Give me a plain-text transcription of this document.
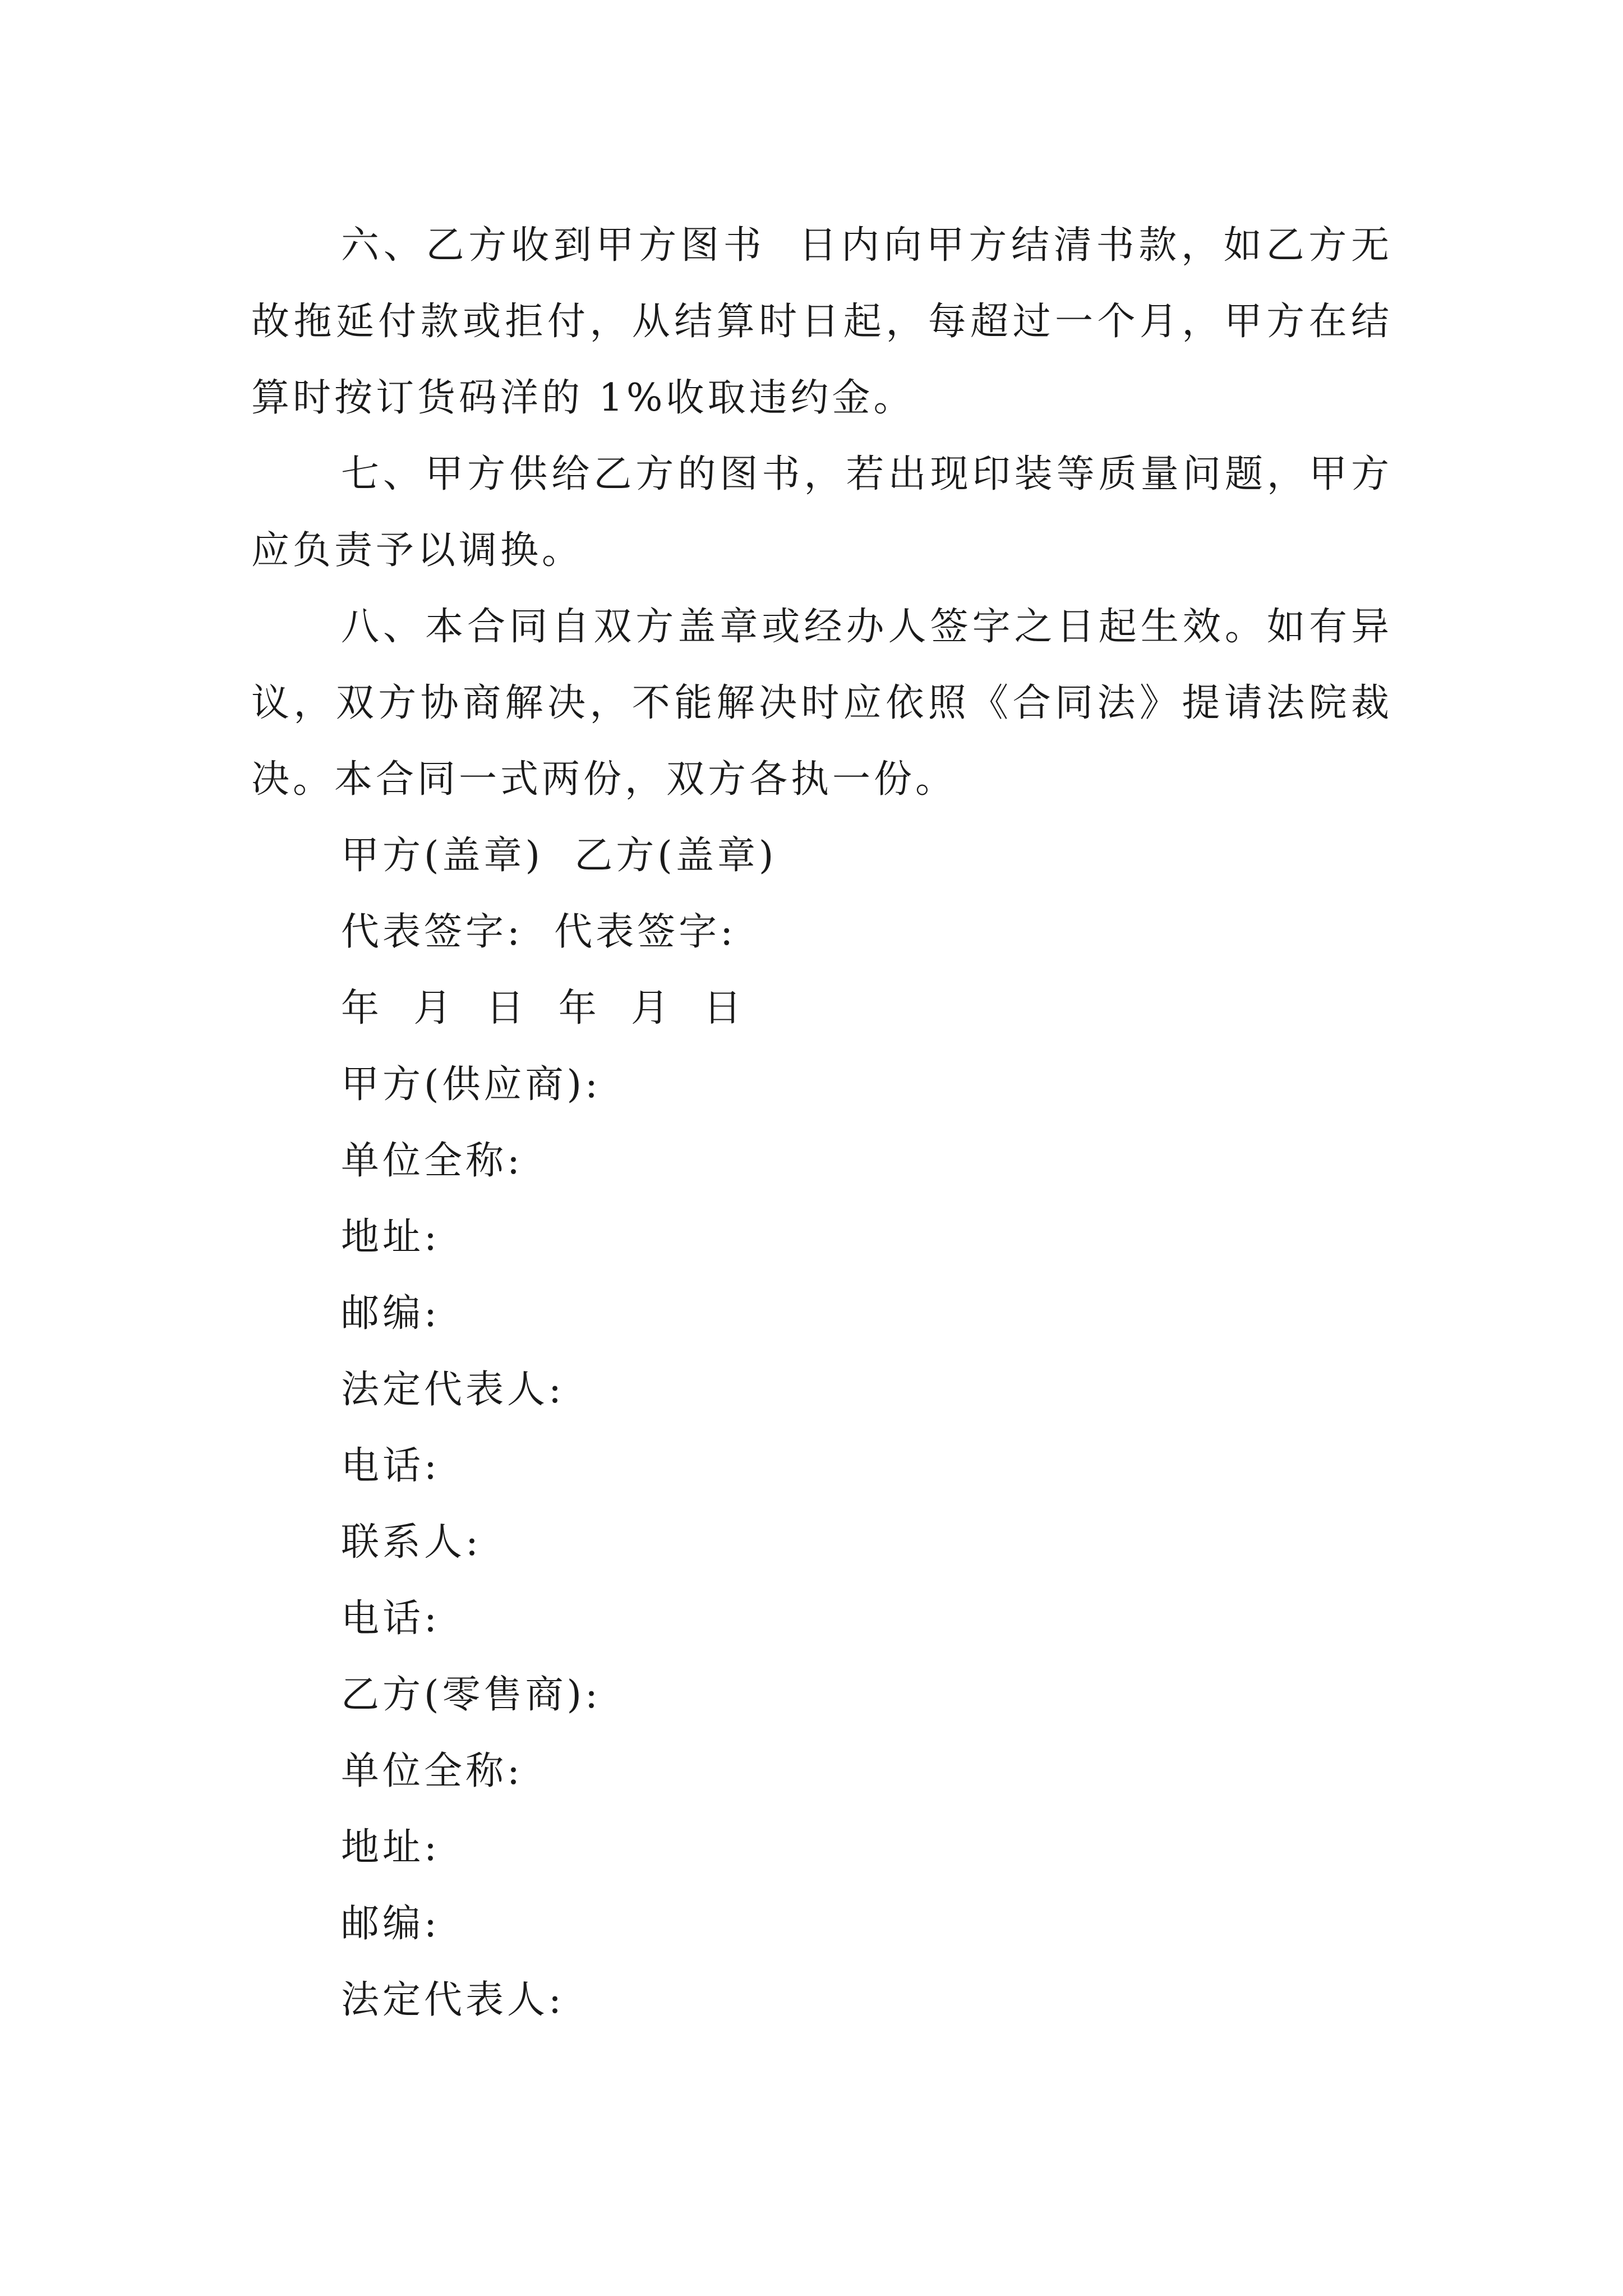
六、乙方收到甲方图书  日内向甲方结清书款，如乙方无故拖延付款或拒付，从结算时日起，每超过一个月，甲方在结算时按订货码洋的 1%收取违约金。

七、甲方供给乙方的图书，若出现印装等质量问题，甲方应负责予以调换。

八、本合同自双方盖章或经办人签字之日起生效。如有异议，双方协商解决，不能解决时应依照《合同法》提请法院裁决。本合同一式两份，双方各执一份。

甲方(盖章)  乙方(盖章)

代表签字:  代表签字:

年  月  日  年  月  日

甲方(供应商):

单位全称:

地址:

邮编:

法定代表人:

电话:

联系人:

电话:

乙方(零售商):

单位全称:

地址:

邮编:

法定代表人:
